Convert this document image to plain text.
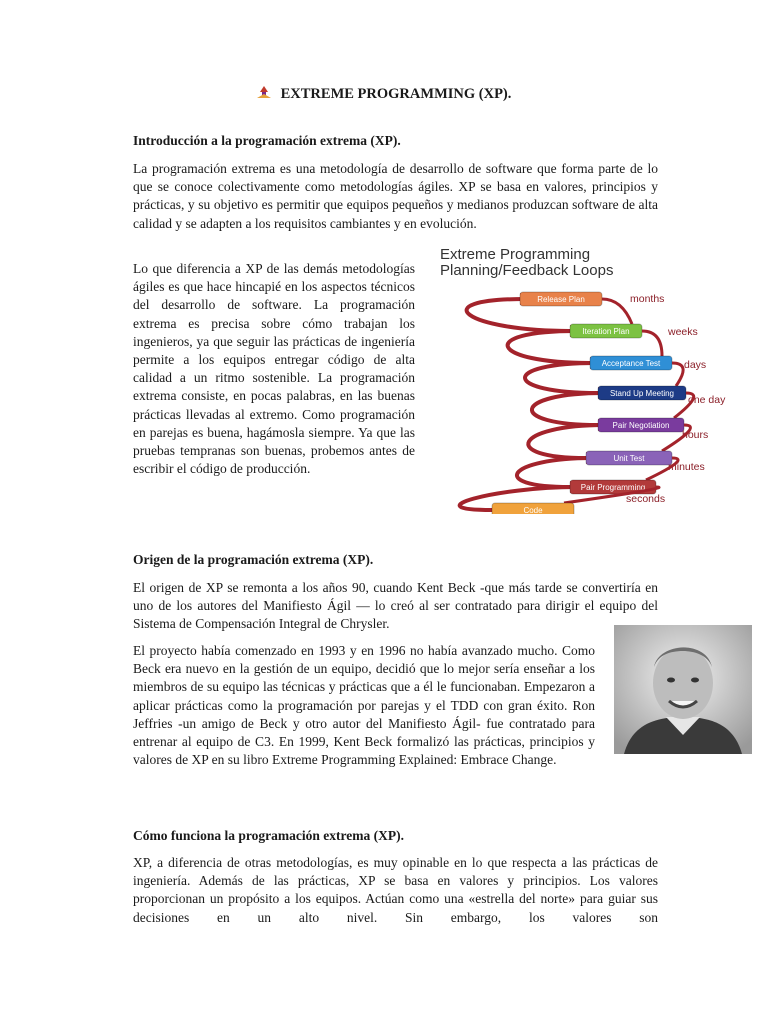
EXTREME PROGRAMMING (XP).
Introducción a la programación extrema (XP).

La programación extrema es una metodología de desarrollo de software que forma parte de lo que se conoce colectivamente como metodologías ágiles. XP se basa en valores, principios y prácticas, y su objetivo es permitir que equipos pequeños y medianos produzcan software de alta calidad y se adapten a los requisitos cambiantes y en evolución.

Lo que diferencia a XP de las demás metodologías ágiles es que hace hincapié en los aspectos técnicos del desarrollo de software. La programación extrema es precisa sobre cómo trabajan los ingenieros, ya que seguir las prácticas de ingeniería permite a los equipos entregar código de alta calidad a un ritmo sostenible. La programación extrema consiste, en pocas palabras, en las buenas prácticas llevadas al extremo. Como programación en parejas es buena, hagámosla siempre. Ya que las pruebas tempranas son buenas, probemos antes de escribir el código de producción.

Extreme Programming
Planning/Feedback Loops
Release Plan	months
Iteration Plan	weeks
Acceptance Test days
Stand Up Meeting
one day
Pair Negotiation
hours
Unit Test
minutes
Pair Programming
seconds
Code
Origen de la programación extrema (XP).

El origen de XP se remonta a los años 90, cuando Kent Beck -que más tarde se convertiría en uno de los autores del Manifiesto Ágil — lo creó al ser contratado para dirigir el equipo del Sistema de Compensación Integral de Chrysler.

El proyecto había comenzado en 1993 y en 1996 no había avanzado mucho. Como Beck era nuevo en la gestión de un equipo, decidió que lo mejor sería enseñar a los miembros de su equipo las técnicas y prácticas que a él le funcionaban. Empezaron a aplicar prácticas como la programación por parejas y el TDD con gran éxito. Ron Jeffries -un amigo de Beck y otro autor del Manifiesto Ágil- fue contratado para entrenar al equipo de C3. En 1999, Kent Beck formalizó las prácticas, principios y valores de XP en su libro Extreme Programming Explained: Embrace Change.

Cómo funciona la programación extrema (XP).

XP, a diferencia de otras metodologías, es muy opinable en lo que respecta a las prácticas de ingeniería. Además de las prácticas, XP se basa en valores y principios. Los valores proporcionan un propósito a los equipos. Actúan como una «estrella del norte» para guiar sus decisiones en un alto nivel. Sin embargo, los valores son
